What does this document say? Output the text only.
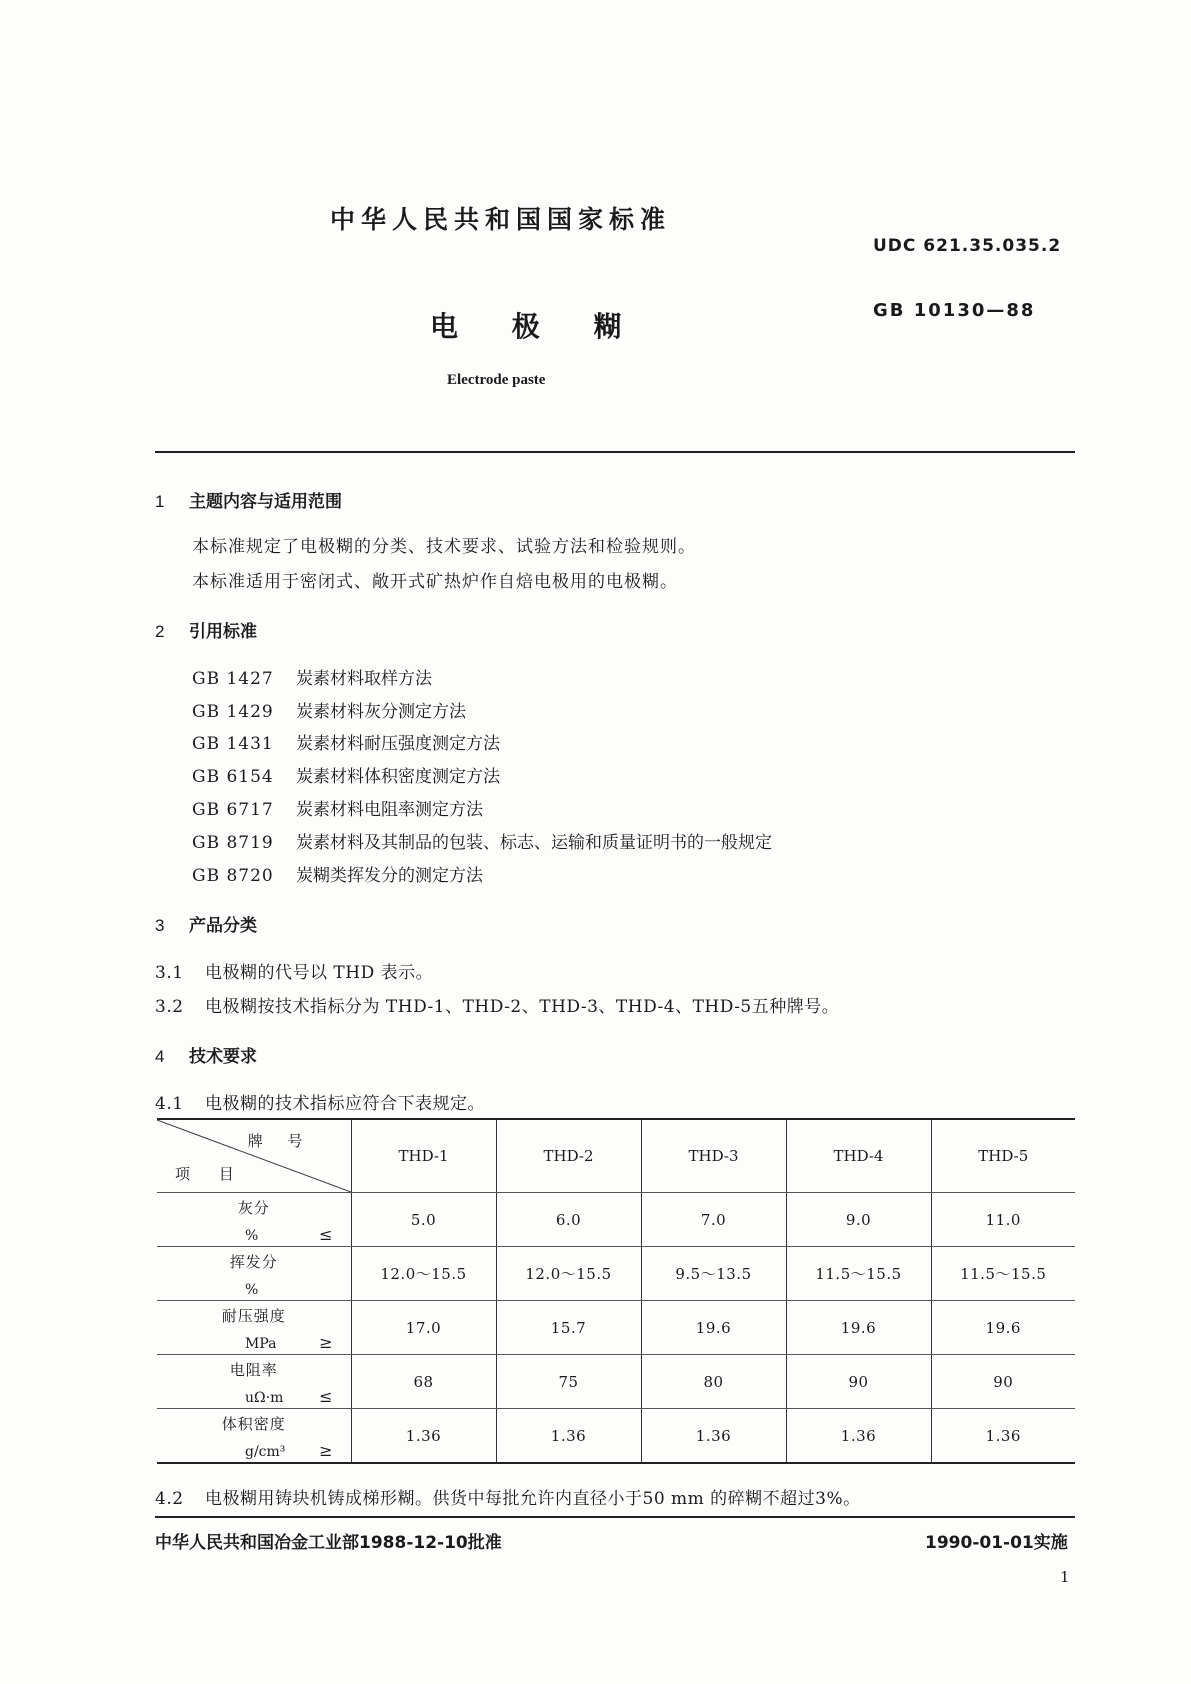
中华人民共和国国家标准
UDC 621.35.035.2
电 极 糊	GB 10130—88
Electrode paste
1 主题内容与适用范围
本标准规定了电极糊的分类、技术要求、试验方法和检验规则。
本标准适用于密闭式、敞开式矿热炉作自焙电极用的电极糊。
2 引用标准
GB 1427 炭素材料取样方法
GB 1429 炭素材料灰分测定方法
GB 1431 炭素材料耐压强度测定方法
GB 6154 炭素材料体积密度测定方法
GB 6717 炭素材料电阻率测定方法
GB 8719 炭素材料及其制品的包装、标志、运输和质量证明书的一般规定
GB 8720 炭糊类挥发分的测定方法
3 产品分类
3.1 电极糊的代号以 THD 表示。
3.2 电极糊按技术指标分为 THD-1、THD-2、THD-3、THD-4、THD-5五种牌号。
4 技术要求
4.1 电极糊的技术指标应符合下表规定。
牌 号
项 目	THD-1	THD-2	THD-3	THD-4	THD-5

灰分
% ≤	5.0	6.0	7.0	9.0	11.0

挥发分
%	12.0～15.5	12.0～15.5	9.5～13.5	11.5～15.5	11.5～15.5

耐压强度
MPa ≥	17.0	15.7	19.6	19.6	19.6

电阻率
uΩ·m ≤	68	75	80	90	90

体积密度
g/cm³ ≥	1.36	1.36	1.36	1.36	1.36
4.2 电极糊用铸块机铸成梯形糊。供货中每批允许内直径小于50 mm 的碎糊不超过3%。
中华人民共和国冶金工业部1988-12-10批准	1990-01-01实施
1
